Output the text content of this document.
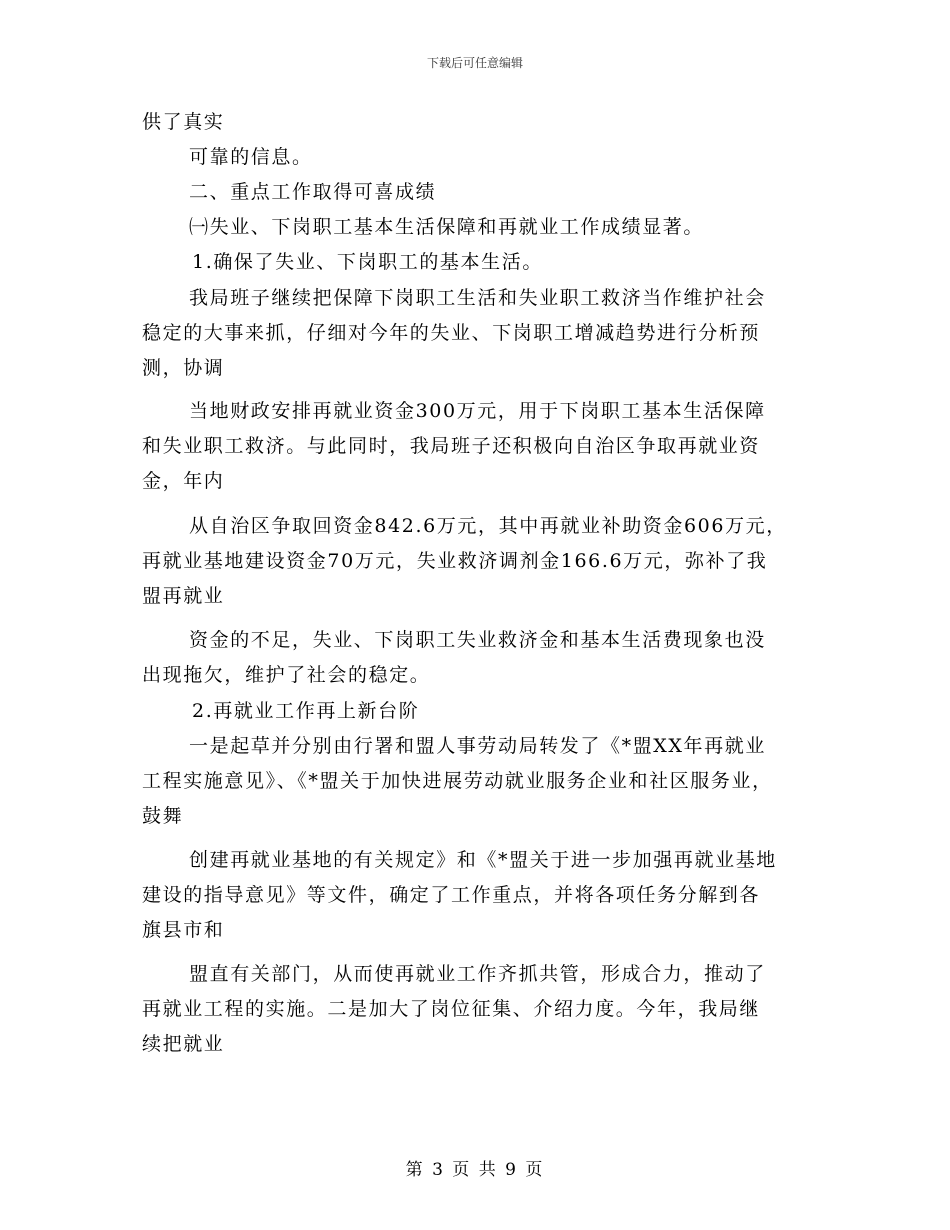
下载后可任意编辑
供了真实
可靠的信息。
二、重点工作取得可喜成绩
㈠失业、下岗职工基本生活保障和再就业工作成绩显著。
1.确保了失业、下岗职工的基本生活。
我局班子继续把保障下岗职工生活和失业职工救济当作维护社会
稳定的大事来抓，仔细对今年的失业、下岗职工增减趋势进行分析预
测，协调
当地财政安排再就业资金300万元，用于下岗职工基本生活保障
和失业职工救济。与此同时，我局班子还积极向自治区争取再就业资
金，年内
从自治区争取回资金842.6万元，其中再就业补助资金606万元，
再就业基地建设资金70万元，失业救济调剂金166.6万元，弥补了我
盟再就业
资金的不足，失业、下岗职工失业救济金和基本生活费现象也没
出现拖欠，维护了社会的稳定。
2.再就业工作再上新台阶
一是起草并分别由行署和盟人事劳动局转发了《*盟XX年再就业
工程实施意见》、《*盟关于加快进展劳动就业服务企业和社区服务业，
鼓舞
创建再就业基地的有关规定》和《*盟关于进一步加强再就业基地
建设的指导意见》等文件，确定了工作重点，并将各项任务分解到各
旗县市和
盟直有关部门，从而使再就业工作齐抓共管，形成合力，推动了
再就业工程的实施。二是加大了岗位征集、介绍力度。今年，我局继
续把就业
第 3 页 共 9 页
